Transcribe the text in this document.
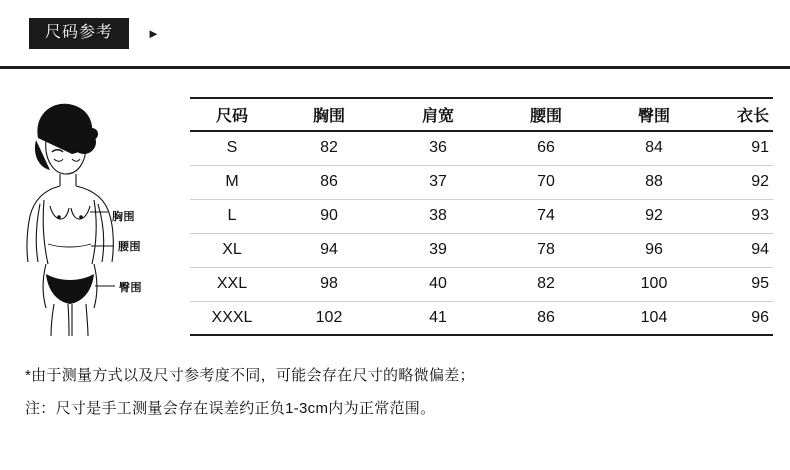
尺码参考	►
胸围
腰围
臀围
尺码	胸围	肩宽	腰围	臀围	衣长
S	82	36	66	84	91
M	86	37	70	88	92
L	90	38	74	92	93
XL	94	39	78	96	94
XXL	98	40	82	100	95
XXXL	102	41	86	104	96
*由于测量方式以及尺寸参考度不同，可能会存在尺寸的略微偏差；
注：尺寸是手工测量会存在误差约正负1-3cm内为正常范围。
